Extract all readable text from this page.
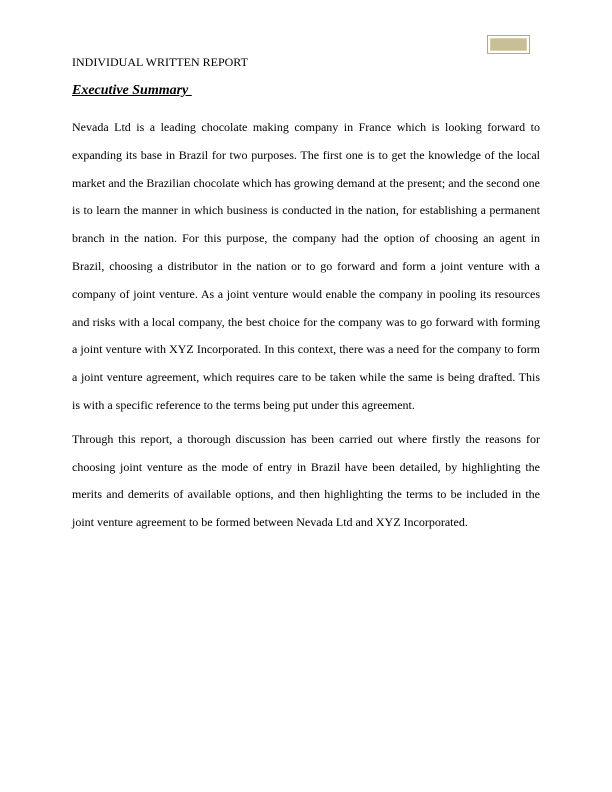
INDIVIDUAL WRITTEN REPORT
Executive Summary

Nevada Ltd is a leading chocolate making company in France which is looking forward to expanding its base in Brazil for two purposes. The first one is to get the knowledge of the local market and the Brazilian chocolate which has growing demand at the present; and the second one is to learn the manner in which business is conducted in the nation, for establishing a permanent branch in the nation. For this purpose, the company had the option of choosing an agent in Brazil, choosing a distributor in the nation or to go forward and form a joint venture with a company of joint venture. As a joint venture would enable the company in pooling its resources and risks with a local company, the best choice for the company was to go forward with forming a joint venture with XYZ Incorporated. In this context, there was a need for the company to form a joint venture agreement, which requires care to be taken while the same is being drafted. This is with a specific reference to the terms being put under this agreement.

Through this report, a thorough discussion has been carried out where firstly the reasons for choosing joint venture as the mode of entry in Brazil have been detailed, by highlighting the merits and demerits of available options, and then highlighting the terms to be included in the joint venture agreement to be formed between Nevada Ltd and XYZ Incorporated.
